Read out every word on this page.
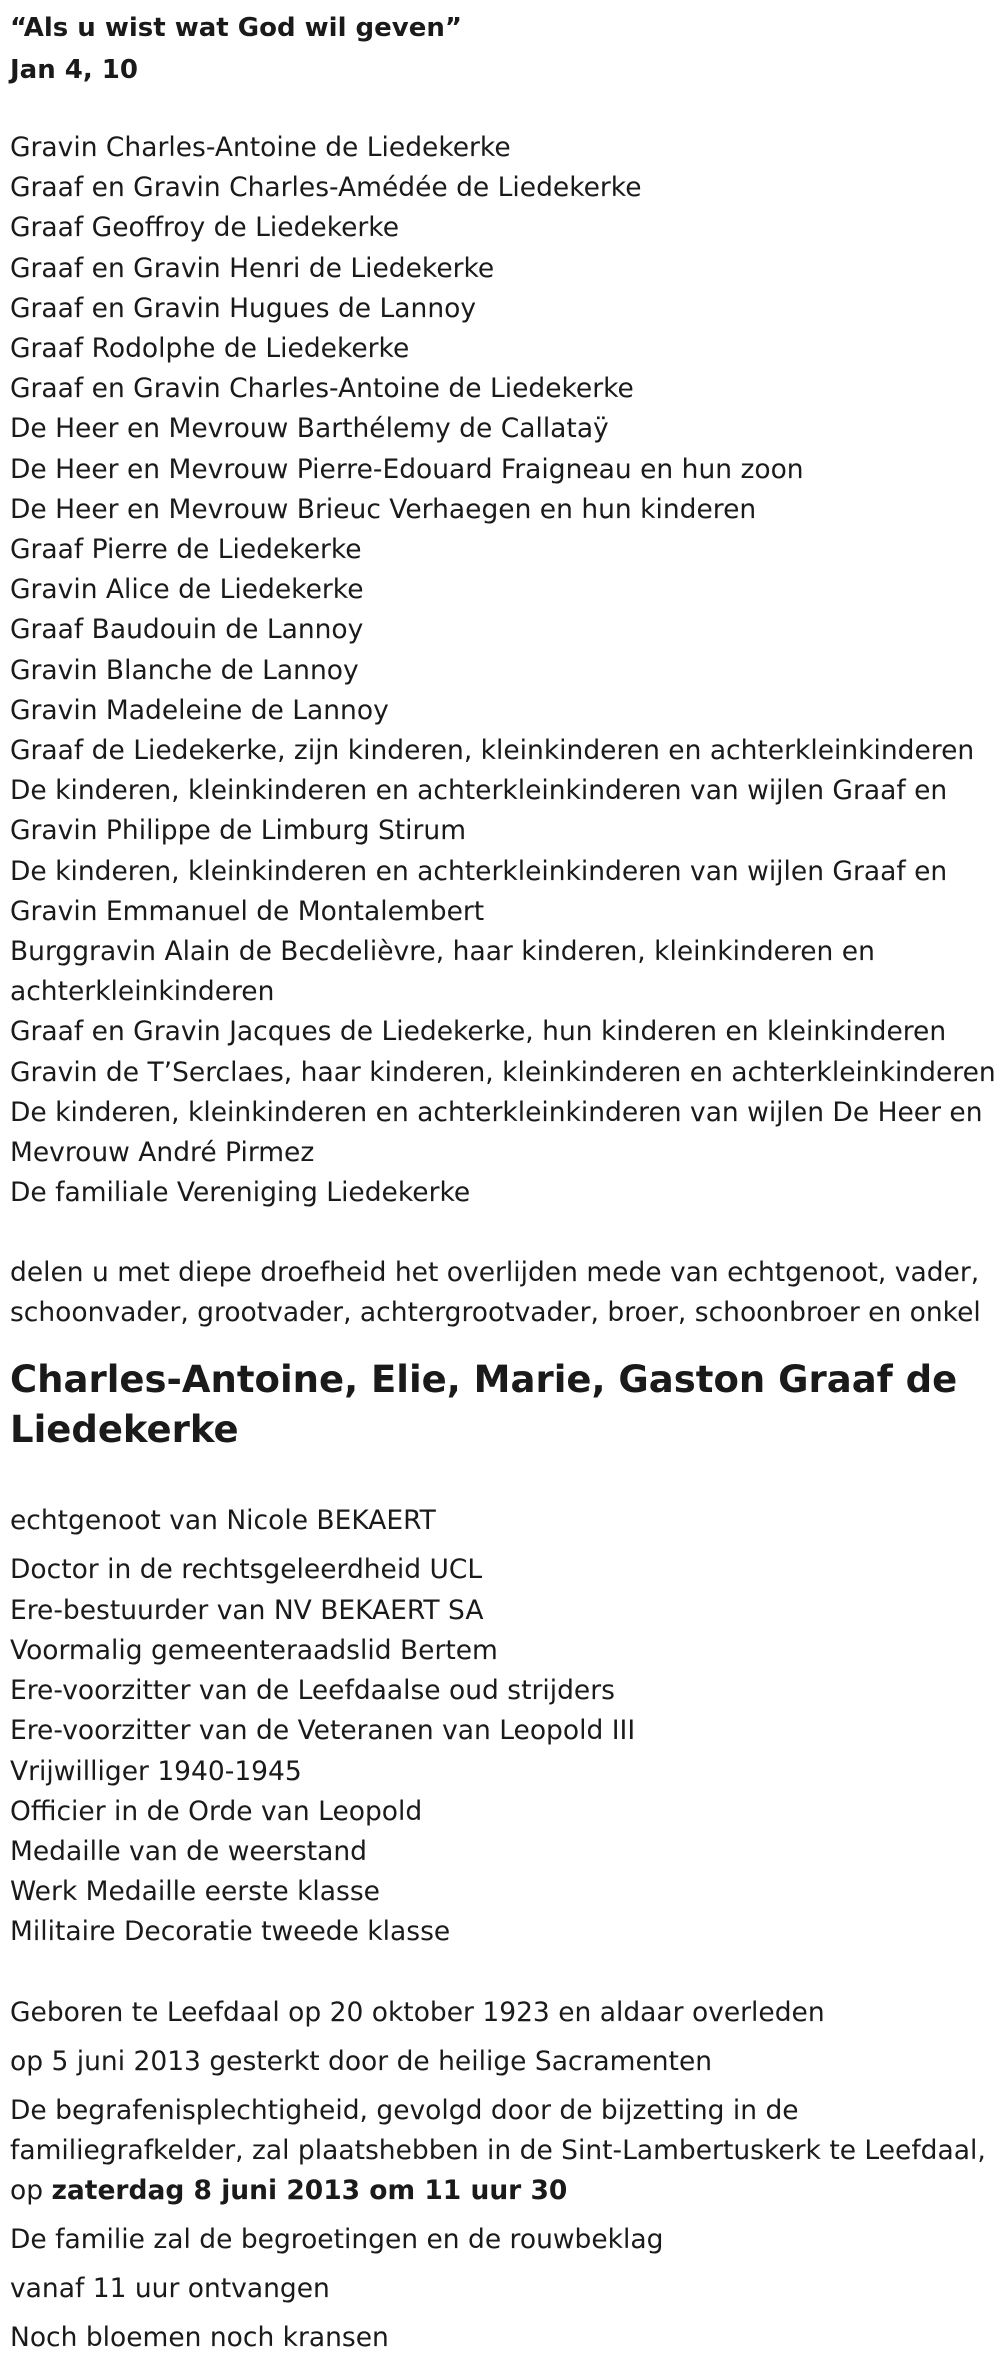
“Als u wist wat God wil geven”

Jan 4, 10

Gravin Charles-Antoine de Liedekerke
Graaf en Gravin Charles-Amédée de Liedekerke
Graaf Geoffroy de Liedekerke
Graaf en Gravin Henri de Liedekerke
Graaf en Gravin Hugues de Lannoy
Graaf Rodolphe de Liedekerke
Graaf en Gravin Charles-Antoine de Liedekerke
De Heer en Mevrouw Barthélemy de Callataÿ
De Heer en Mevrouw Pierre-Edouard Fraigneau en hun zoon
De Heer en Mevrouw Brieuc Verhaegen en hun kinderen
Graaf Pierre de Liedekerke
Gravin Alice de Liedekerke
Graaf Baudouin de Lannoy
Gravin Blanche de Lannoy
Gravin Madeleine de Lannoy
Graaf de Liedekerke, zijn kinderen, kleinkinderen en achterkleinkinderen
De kinderen, kleinkinderen en achterkleinkinderen van wijlen Graaf en
Gravin Philippe de Limburg Stirum
De kinderen, kleinkinderen en achterkleinkinderen van wijlen Graaf en
Gravin Emmanuel de Montalembert
Burggravin Alain de Becdelièvre, haar kinderen, kleinkinderen en
achterkleinkinderen
Graaf en Gravin Jacques de Liedekerke, hun kinderen en kleinkinderen
Gravin de T’Serclaes, haar kinderen, kleinkinderen en achterkleinkinderen
De kinderen, kleinkinderen en achterkleinkinderen van wijlen De Heer en
Mevrouw André Pirmez
De familiale Vereniging Liedekerke
delen u met diepe droefheid het overlijden mede van echtgenoot, vader,
schoonvader, grootvader, achtergrootvader, broer, schoonbroer en onkel
Charles-Antoine, Elie, Marie, Gaston Graaf de
Liedekerke
echtgenoot van Nicole BEKAERT
Doctor in de rechtsgeleerdheid UCL
Ere-bestuurder van NV BEKAERT SA
Voormalig gemeenteraadslid Bertem
Ere-voorzitter van de Leefdaalse oud strijders
Ere-voorzitter van de Veteranen van Leopold III
Vrijwilliger 1940-1945
Officier in de Orde van Leopold
Medaille van de weerstand
Werk Medaille eerste klasse
Militaire Decoratie tweede klasse
Geboren te Leefdaal op 20 oktober 1923 en aldaar overleden
op 5 juni 2013 gesterkt door de heilige Sacramenten
De begrafenisplechtigheid, gevolgd door de bijzetting in de
familiegrafkelder, zal plaatshebben in de Sint-Lambertuskerk te Leefdaal,
op zaterdag 8 juni 2013 om 11 uur 30
De familie zal de begroetingen en de rouwbeklag
vanaf 11 uur ontvangen
Noch bloemen noch kransen
